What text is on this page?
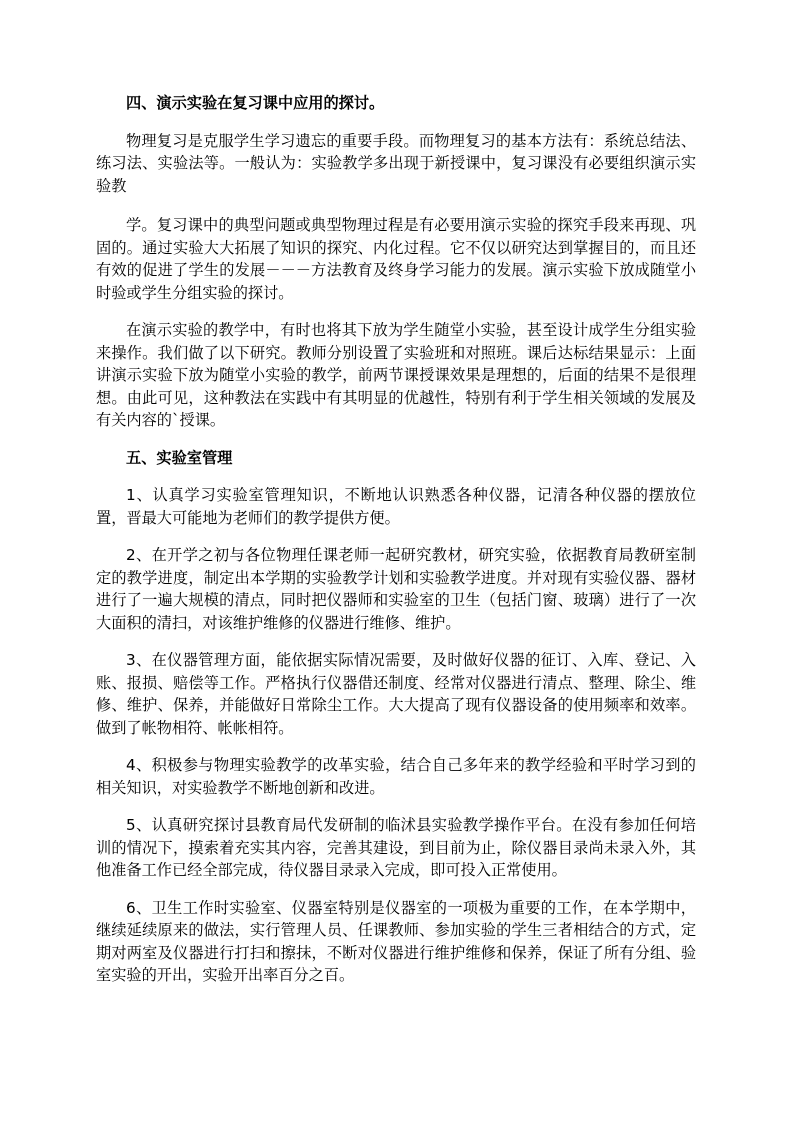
四、演示实验在复习课中应用的探讨。

物理复习是克服学生学习遗忘的重要手段。而物理复习的基本方法有：系统总结法、练习法、实验法等。一般认为：实验教学多出现于新授课中，复习课没有必要组织演示实验教

学。复习课中的典型问题或典型物理过程是有必要用演示实验的探究手段来再现、巩固的。通过实验大大拓展了知识的探究、内化过程。它不仅以研究达到掌握目的，而且还有效的促进了学生的发展－－－方法教育及终身学习能力的发展。演示实验下放成随堂小时验或学生分组实验的探讨。

在演示实验的教学中，有时也将其下放为学生随堂小实验，甚至设计成学生分组实验来操作。我们做了以下研究。教师分别设置了实验班和对照班。课后达标结果显示：上面讲演示实验下放为随堂小实验的教学，前两节课授课效果是理想的，后面的结果不是很理想。由此可见，这种教法在实践中有其明显的优越性，特别有利于学生相关领域的发展及有关内容的`授课。

五、实验室管理

1、认真学习实验室管理知识，不断地认识熟悉各种仪器，记清各种仪器的摆放位置，晋最大可能地为老师们的教学提供方便。

2、在开学之初与各位物理任课老师一起研究教材，研究实验，依据教育局教研室制定的教学进度，制定出本学期的实验教学计划和实验教学进度。并对现有实验仪器、器材进行了一遍大规模的清点，同时把仪器师和实验室的卫生（包括门窗、玻璃）进行了一次大面积的清扫，对该维护维修的仪器进行维修、维护。

3、在仪器管理方面，能依据实际情况需要，及时做好仪器的征订、入库、登记、入账、报损、赔偿等工作。严格执行仪器借还制度、经常对仪器进行清点、整理、除尘、维修、维护、保养，并能做好日常除尘工作。大大提高了现有仪器设备的使用频率和效率。做到了帐物相符、帐帐相符。

4、积极参与物理实验教学的改革实验，结合自己多年来的教学经验和平时学习到的相关知识，对实验教学不断地创新和改进。

5、认真研究探讨县教育局代发研制的临沭县实验教学操作平台。在没有参加任何培训的情况下，摸索着充实其内容，完善其建设，到目前为止，除仪器目录尚未录入外，其他准备工作已经全部完成，待仪器目录录入完成，即可投入正常使用。

6、卫生工作时实验室、仪器室特别是仪器室的一项极为重要的工作，在本学期中，继续延续原来的做法，实行管理人员、任课教师、参加实验的学生三者相结合的方式，定期对两室及仪器进行打扫和擦抹，不断对仪器进行维护维修和保养，保证了所有分组、验室实验的开出，实验开出率百分之百。
